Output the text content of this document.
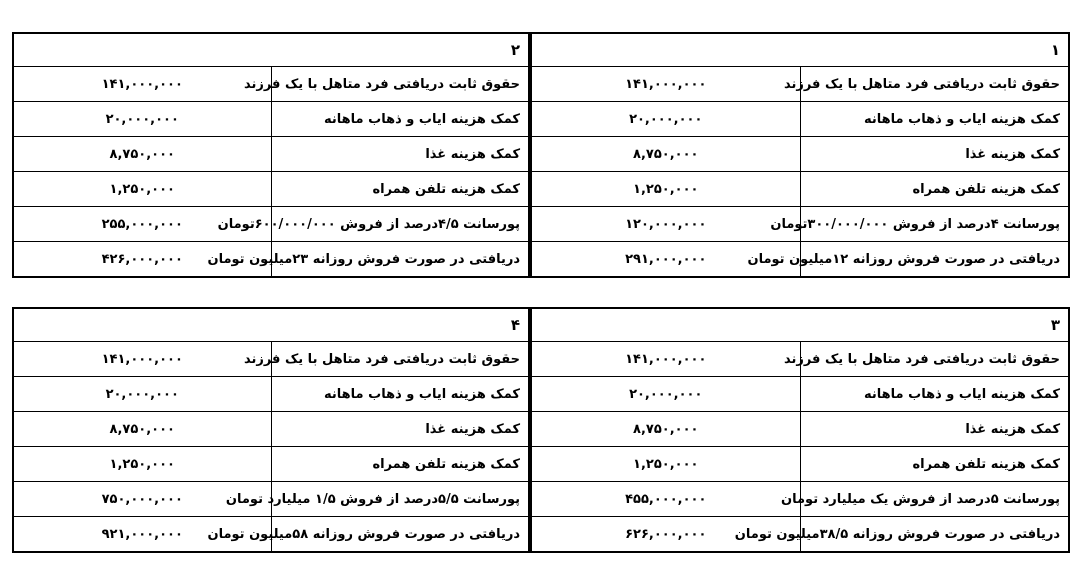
۱	
حقوق ثابت دریافتی فرد متاهل با یک فرزند	۱۴۱,۰۰۰,۰۰۰
کمک هزینه ایاب و ذهاب ماهانه	۲۰,۰۰۰,۰۰۰
کمک هزینه غذا	۸,۷۵۰,۰۰۰
کمک هزینه تلفن همراه	۱,۲۵۰,۰۰۰
پورسانت ۴درصد از فروش ۳۰۰/۰۰۰/۰۰۰تومان	۱۲۰,۰۰۰,۰۰۰
دریافتی در صورت فروش روزانه ۱۲میلیون تومان	۲۹۱,۰۰۰,۰۰۰
۲	
حقوق ثابت دریافتی فرد متاهل با یک فرزند	۱۴۱,۰۰۰,۰۰۰
کمک هزینه ایاب و ذهاب ماهانه	۲۰,۰۰۰,۰۰۰
کمک هزینه غذا	۸,۷۵۰,۰۰۰
کمک هزینه تلفن همراه	۱,۲۵۰,۰۰۰
پورسانت ۴/۵درصد از فروش ۶۰۰/۰۰۰/۰۰۰تومان	۲۵۵,۰۰۰,۰۰۰
دریافتی در صورت فروش روزانه ۲۳میلیون تومان	۴۲۶,۰۰۰,۰۰۰
۳	
حقوق ثابت دریافتی فرد متاهل با یک فرزند	۱۴۱,۰۰۰,۰۰۰
کمک هزینه ایاب و ذهاب ماهانه	۲۰,۰۰۰,۰۰۰
کمک هزینه غذا	۸,۷۵۰,۰۰۰
کمک هزینه تلفن همراه	۱,۲۵۰,۰۰۰
پورسانت ۵درصد از فروش یک میلیارد تومان	۴۵۵,۰۰۰,۰۰۰
دریافتی در صورت فروش روزانه ۳۸/۵میلیون تومان	۶۲۶,۰۰۰,۰۰۰
۴	
حقوق ثابت دریافتی فرد متاهل با یک فرزند	۱۴۱,۰۰۰,۰۰۰
کمک هزینه ایاب و ذهاب ماهانه	۲۰,۰۰۰,۰۰۰
کمک هزینه غذا	۸,۷۵۰,۰۰۰
کمک هزینه تلفن همراه	۱,۲۵۰,۰۰۰
پورسانت ۵/۵درصد از فروش ۱/۵ میلیارد تومان	۷۵۰,۰۰۰,۰۰۰
دریافتی در صورت فروش روزانه ۵۸میلیون تومان	۹۲۱,۰۰۰,۰۰۰
